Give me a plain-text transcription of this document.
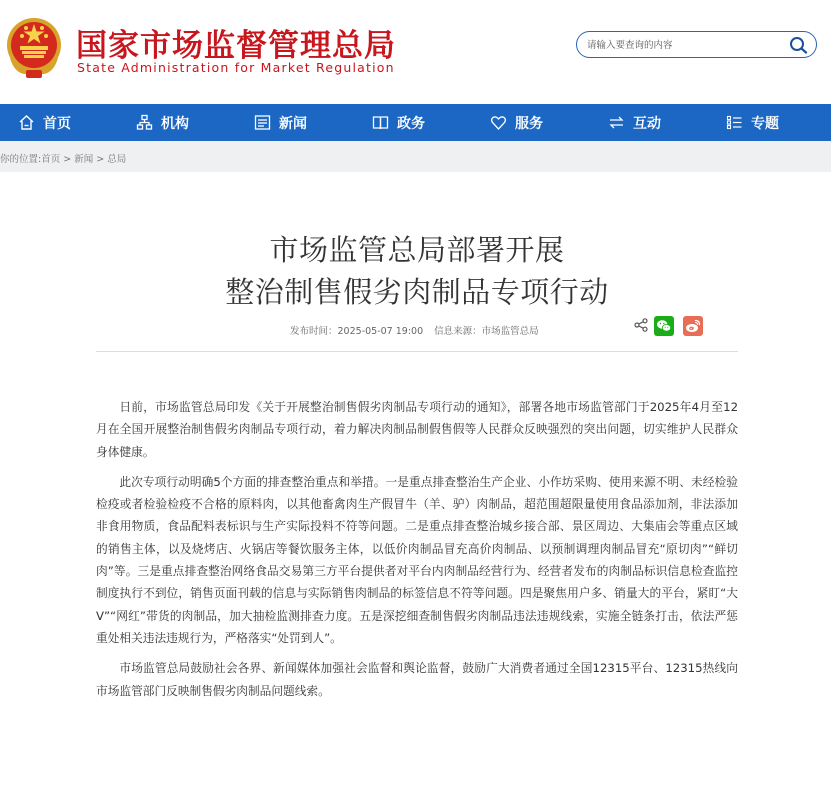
国家市场监督管理总局
State Administration for Market Regulation
请输入要查询的内容
首页	机构	新闻	政务	服务	互动	专题
你的位置:首页 > 新闻 > 总局
市场监管总局部署开展
整治制售假劣肉制品专项行动
发布时间：2025-05-07 19:00 信息来源：市场监管总局

日前，市场监管总局印发《关于开展整治制售假劣肉制品专项行动的通知》，部署各地市场监管部门于2025年4月至12月在全国开展整治制售假劣肉制品专项行动，着力解决肉制品制假售假等人民群众反映强烈的突出问题，切实维护人民群众身体健康。

此次专项行动明确5个方面的排查整治重点和举措。一是重点排查整治生产企业、小作坊采购、使用来源不明、未经检验检疫或者检验检疫不合格的原料肉，以其他畜禽肉生产假冒牛（羊、驴）肉制品，超范围超限量使用食品添加剂，非法添加非食用物质，食品配料表标识与生产实际投料不符等问题。二是重点排查整治城乡接合部、景区周边、大集庙会等重点区域的销售主体，以及烧烤店、火锅店等餐饮服务主体，以低价肉制品冒充高价肉制品、以预制调理肉制品冒充“原切肉”“鲜切肉”等。三是重点排查整治网络食品交易第三方平台提供者对平台内肉制品经营行为、经营者发布的肉制品标识信息检查监控制度执行不到位，销售页面刊载的信息与实际销售肉制品的标签信息不符等问题。四是聚焦用户多、销量大的平台，紧盯“大V”“网红”带货的肉制品，加大抽检监测排查力度。五是深挖细查制售假劣肉制品违法违规线索，实施全链条打击，依法严惩重处相关违法违规行为，严格落实“处罚到人”。

市场监管总局鼓励社会各界、新闻媒体加强社会监督和舆论监督，鼓励广大消费者通过全国12315平台、12315热线向市场监管部门反映制售假劣肉制品问题线索。
